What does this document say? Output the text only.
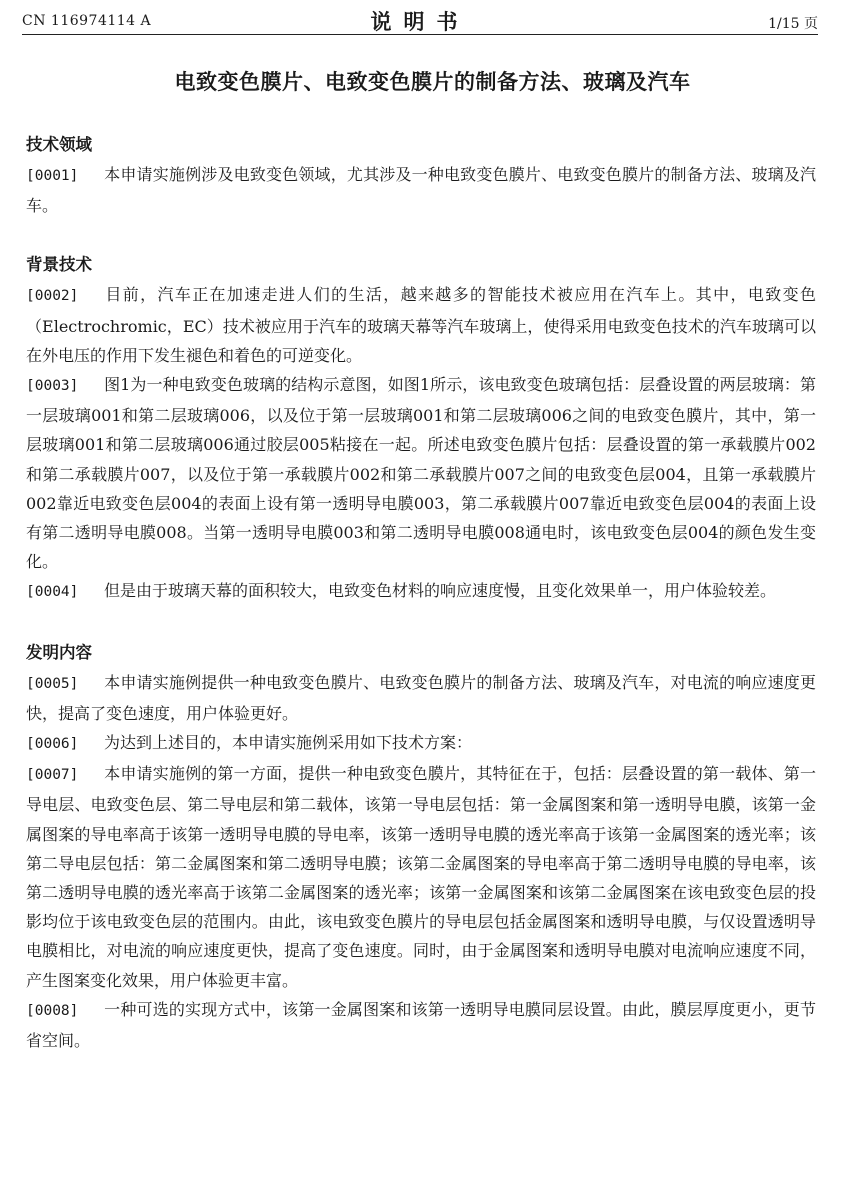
CN 116974114 A	说明书	1/15 页
电致变色膜片、电致变色膜片的制备方法、玻璃及汽车
技术领域

[0001] 本申请实施例涉及电致变色领域，尤其涉及一种电致变色膜片、电致变色膜片的制备方法、玻璃及汽车。

背景技术

[0002] 目前，汽车正在加速走进人们的生活，越来越多的智能技术被应用在汽车上。其中，电致变色（Electrochromic，EC）技术被应用于汽车的玻璃天幕等汽车玻璃上，使得采用电致变色技术的汽车玻璃可以在外电压的作用下发生褪色和着色的可逆变化。

[0003] 图1为一种电致变色玻璃的结构示意图，如图1所示，该电致变色玻璃包括：层叠设置的两层玻璃：第一层玻璃001和第二层玻璃006，以及位于第一层玻璃001和第二层玻璃006之间的电致变色膜片，其中，第一层玻璃001和第二层玻璃006通过胶层005粘接在一起。所述电致变色膜片包括：层叠设置的第一承载膜片002和第二承载膜片007，以及位于第一承载膜片002和第二承载膜片007之间的电致变色层004，且第一承载膜片002靠近电致变色层004的表面上设有第一透明导电膜003，第二承载膜片007靠近电致变色层004的表面上设有第二透明导电膜008。当第一透明导电膜003和第二透明导电膜008通电时，该电致变色层004的颜色发生变化。

[0004] 但是由于玻璃天幕的面积较大，电致变色材料的响应速度慢，且变化效果单一，用户体验较差。

发明内容

[0005] 本申请实施例提供一种电致变色膜片、电致变色膜片的制备方法、玻璃及汽车，对电流的响应速度更快，提高了变色速度，用户体验更好。

[0006] 为达到上述目的，本申请实施例采用如下技术方案：

[0007] 本申请实施例的第一方面，提供一种电致变色膜片，其特征在于，包括：层叠设置的第一载体、第一导电层、电致变色层、第二导电层和第二载体，该第一导电层包括：第一金属图案和第一透明导电膜，该第一金属图案的导电率高于该第一透明导电膜的导电率，该第一透明导电膜的透光率高于该第一金属图案的透光率；该第二导电层包括：第二金属图案和第二透明导电膜；该第二金属图案的导电率高于第二透明导电膜的导电率，该第二透明导电膜的透光率高于该第二金属图案的透光率；该第一金属图案和该第二金属图案在该电致变色层的投影均位于该电致变色层的范围内。由此，该电致变色膜片的导电层包括金属图案和透明导电膜，与仅设置透明导电膜相比，对电流的响应速度更快，提高了变色速度。同时，由于金属图案和透明导电膜对电流响应速度不同，产生图案变化效果，用户体验更丰富。

[0008] 一种可选的实现方式中，该第一金属图案和该第一透明导电膜同层设置。由此，膜层厚度更小，更节省空间。
